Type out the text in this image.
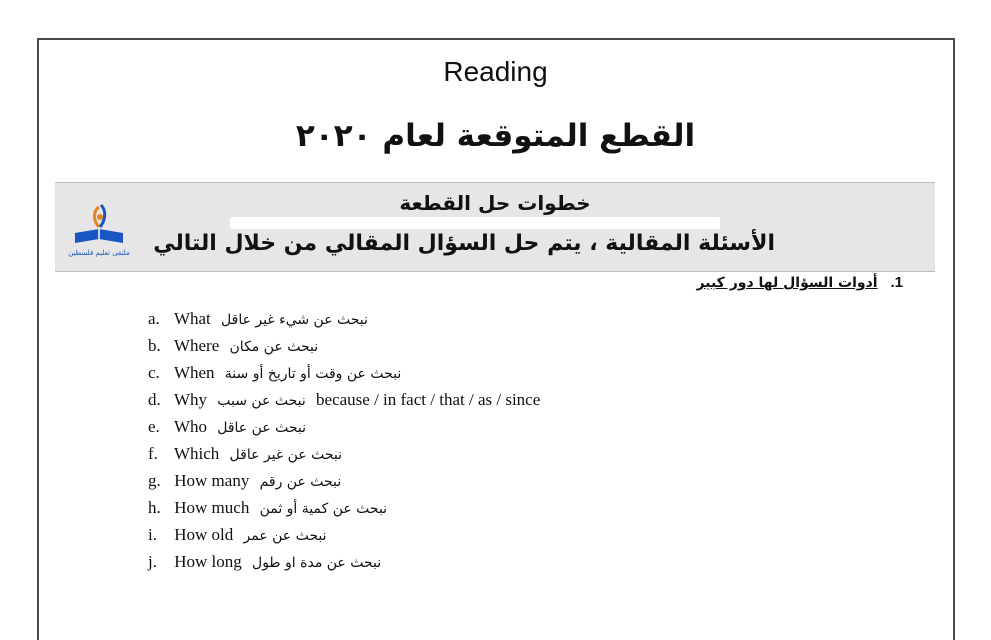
Reading
القطع المتوقعة لعام ٢٠٢٠
ملتقى تعليم فلسطين
خطوات حل القطعة
الأسئلة المقالية ، يتم حل السؤال المقالي من خلال التالي
1. أدوات السؤال لها دور كبير
a. What نبحث عن شيء غير عاقل
b. Where نبحث عن مكان
c. When نبحث عن وقت أو تاريخ أو سنة
d. Why نبحث عن سبب because / in fact / that / as / since
e. Who نبحث عن عاقل
f. Which نبحث عن غير عاقل
g. How many نبحث عن رقم
h. How much نبحث عن كمية أو ثمن
i. How old نبحث عن عمر
j. How long نبحث عن مدة او طول
